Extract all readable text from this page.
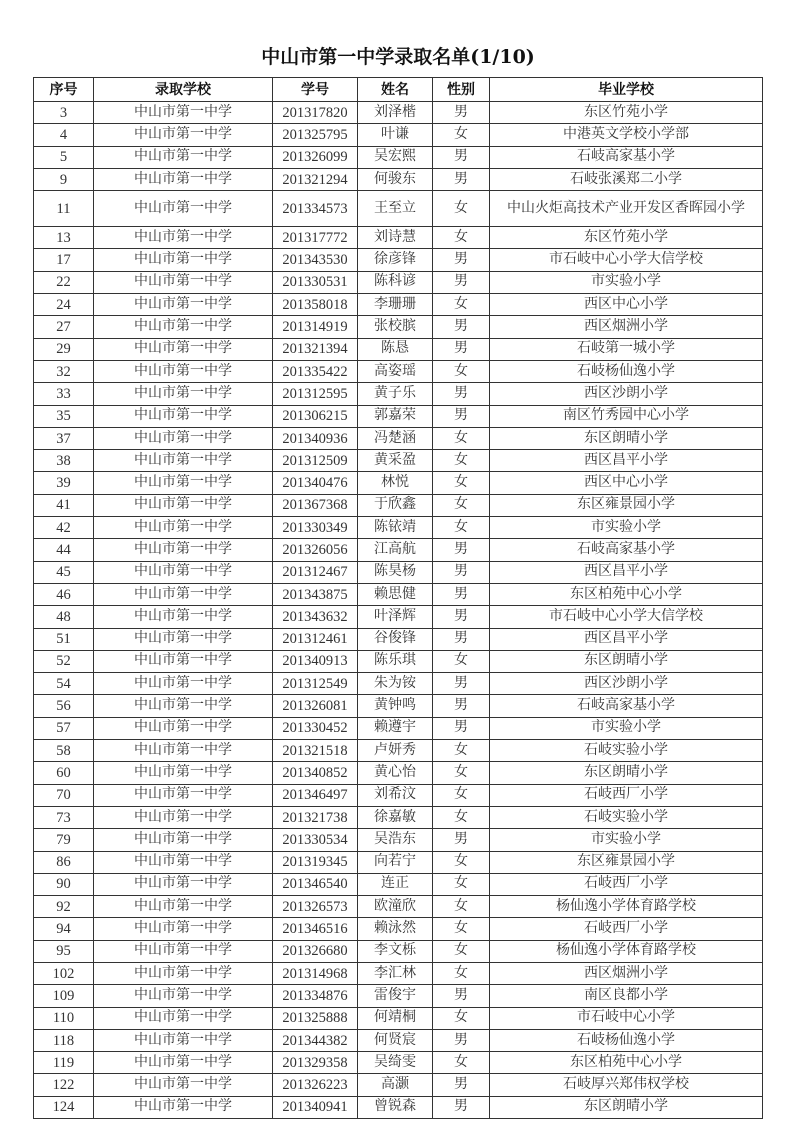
中山市第一中学录取名单(1/10)
序号	录取学校	学号	姓名	性别	毕业学校
3	中山市第一中学	201317820	刘泽楷	男	东区竹苑小学
4	中山市第一中学	201325795	叶谦	女	中港英文学校小学部
5	中山市第一中学	201326099	吴宏熙	男	石岐高家基小学
9	中山市第一中学	201321294	何骏东	男	石岐张溪郑二小学
11	中山市第一中学	201334573	王至立	女	中山火炬高技术产业开发区香晖园小学
13	中山市第一中学	201317772	刘诗慧	女	东区竹苑小学
17	中山市第一中学	201343530	徐彦锋	男	市石岐中心小学大信学校
22	中山市第一中学	201330531	陈科谚	男	市实验小学
24	中山市第一中学	201358018	李珊珊	女	西区中心小学
27	中山市第一中学	201314919	张校膑	男	西区烟洲小学
29	中山市第一中学	201321394	陈恳	男	石岐第一城小学
32	中山市第一中学	201335422	高姿瑶	女	石岐杨仙逸小学
33	中山市第一中学	201312595	黄子乐	男	西区沙朗小学
35	中山市第一中学	201306215	郭嘉荣	男	南区竹秀园中心小学
37	中山市第一中学	201340936	冯楚涵	女	东区朗晴小学
38	中山市第一中学	201312509	黄采盈	女	西区昌平小学
39	中山市第一中学	201340476	林悦	女	西区中心小学
41	中山市第一中学	201367368	于欣鑫	女	东区雍景园小学
42	中山市第一中学	201330349	陈铱靖	女	市实验小学
44	中山市第一中学	201326056	江高航	男	石岐高家基小学
45	中山市第一中学	201312467	陈昊杨	男	西区昌平小学
46	中山市第一中学	201343875	赖思健	男	东区柏苑中心小学
48	中山市第一中学	201343632	叶泽辉	男	市石岐中心小学大信学校
51	中山市第一中学	201312461	谷俊锋	男	西区昌平小学
52	中山市第一中学	201340913	陈乐琪	女	东区朗晴小学
54	中山市第一中学	201312549	朱为铵	男	西区沙朗小学
56	中山市第一中学	201326081	黄钟鸣	男	石岐高家基小学
57	中山市第一中学	201330452	赖遵宇	男	市实验小学
58	中山市第一中学	201321518	卢妍秀	女	石岐实验小学
60	中山市第一中学	201340852	黄心怡	女	东区朗晴小学
70	中山市第一中学	201346497	刘希汶	女	石岐西厂小学
73	中山市第一中学	201321738	徐嘉敏	女	石岐实验小学
79	中山市第一中学	201330534	吴浩东	男	市实验小学
86	中山市第一中学	201319345	向若宁	女	东区雍景园小学
90	中山市第一中学	201346540	连正	女	石岐西厂小学
92	中山市第一中学	201326573	欧潼欣	女	杨仙逸小学体育路学校
94	中山市第一中学	201346516	赖泳然	女	石岐西厂小学
95	中山市第一中学	201326680	李文栎	女	杨仙逸小学体育路学校
102	中山市第一中学	201314968	李汇林	女	西区烟洲小学
109	中山市第一中学	201334876	雷俊宇	男	南区良都小学
110	中山市第一中学	201325888	何靖桐	女	市石岐中心小学
118	中山市第一中学	201344382	何贤宸	男	石岐杨仙逸小学
119	中山市第一中学	201329358	吴绮雯	女	东区柏苑中心小学
122	中山市第一中学	201326223	高灏	男	石岐厚兴郑伟权学校
124	中山市第一中学	201340941	曾锐森	男	东区朗晴小学
